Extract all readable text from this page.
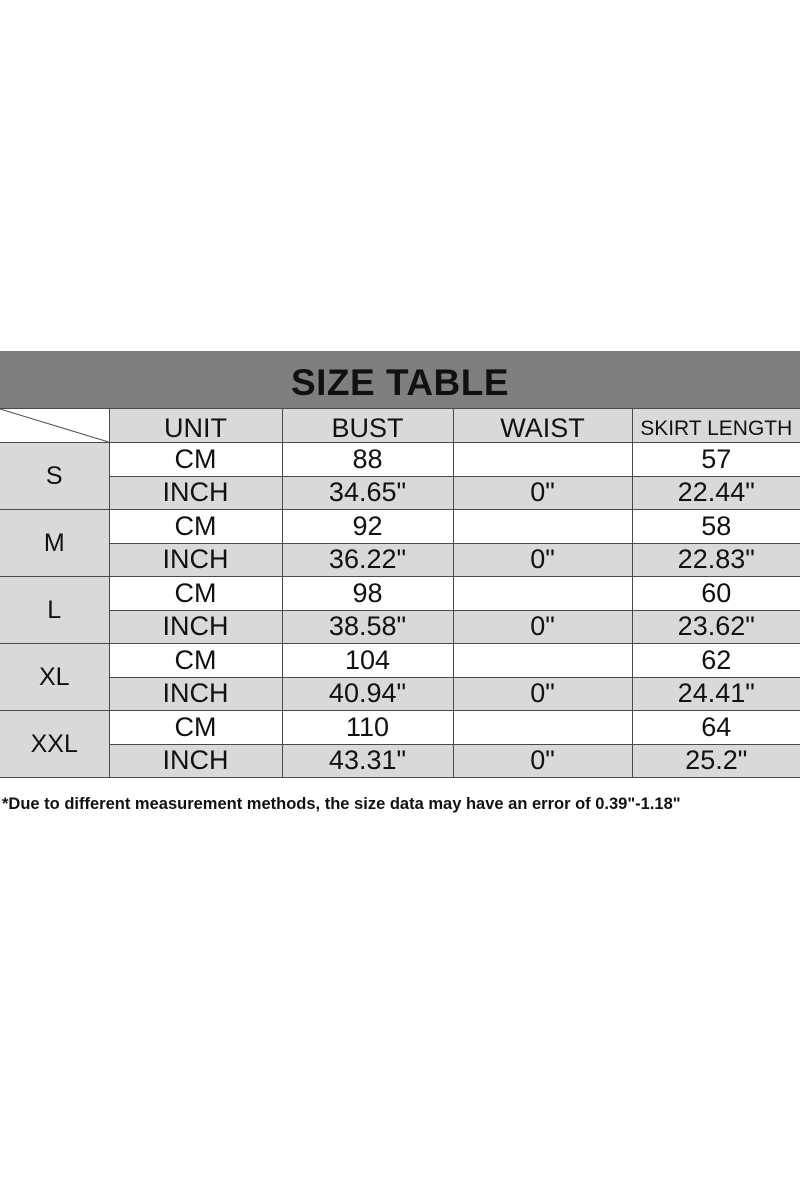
SIZE TABLE
	UNIT	BUST	WAIST	SKIRT LENGTH
S	CM	88		57
	INCH	34.65"	0"	22.44"
M	CM	92		58
	INCH	36.22"	0"	22.83"
L	CM	98		60
	INCH	38.58"	0"	23.62"
XL	CM	104		62
	INCH	40.94"	0"	24.41"
XXL	CM	110		64
	INCH	43.31"	0"	25.2"
*Due to different measurement methods, the size data may have an error of 0.39"-1.18"
